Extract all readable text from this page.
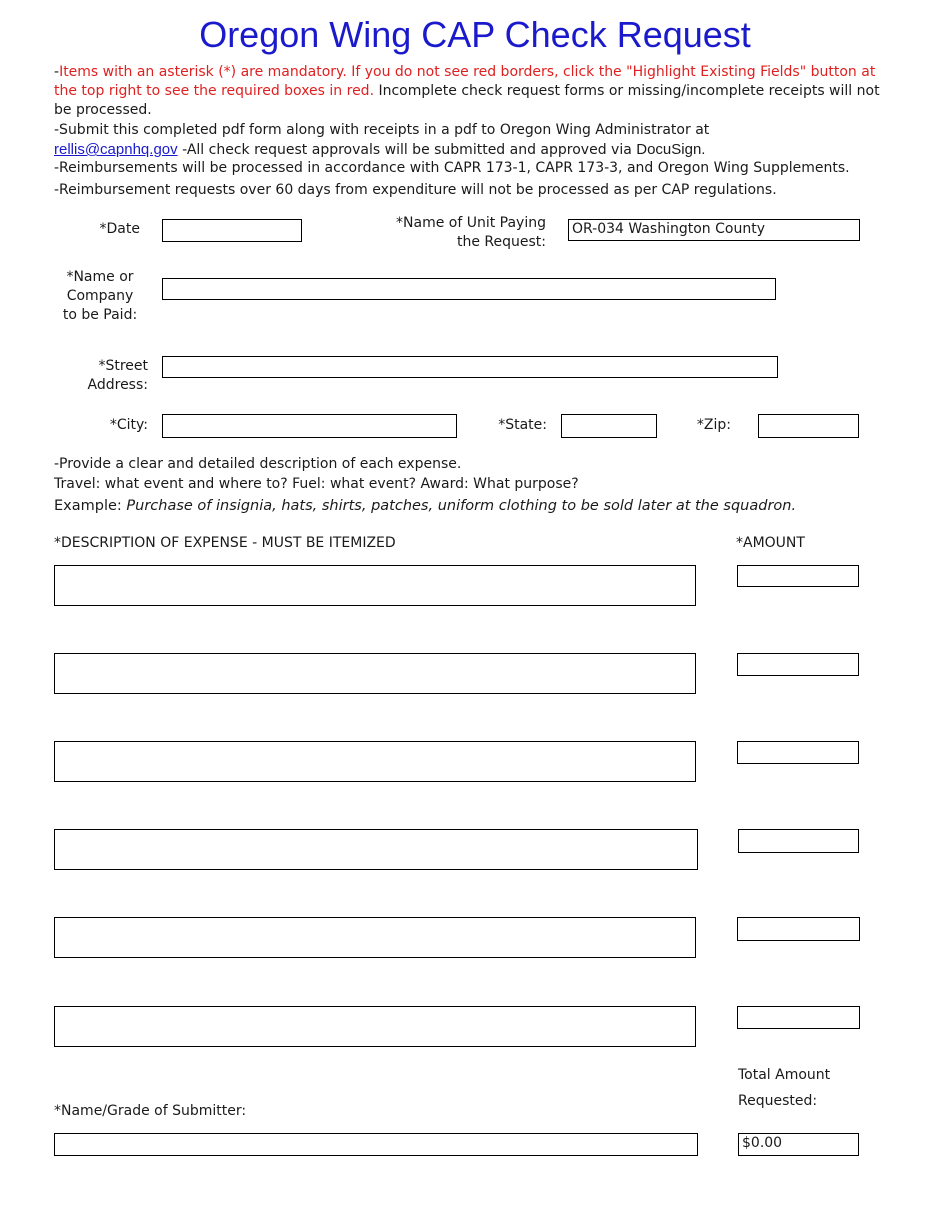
Oregon Wing CAP Check Request
-Items with an asterisk (*) are mandatory. If you do not see red borders, click the "Highlight Existing Fields" button at the top right to see the required boxes in red. Incomplete check request forms or missing/incomplete receipts will not be processed.
-Submit this completed pdf form along with receipts in a pdf to Oregon Wing Administrator at
rellis@capnhq.gov -All check request approvals will be submitted and approved via DocuSign.
-Reimbursements will be processed in accordance with CAPR 173-1, CAPR 173-3, and Oregon Wing Supplements.
-Reimbursement requests over 60 days from expenditure will not be processed as per CAP regulations.
*Date	*Name of Unit Paying
the Request:
OR-034 Washington County
*Name or
Company
to be Paid:
*Street
Address:
*City:	*State:	*Zip:
-Provide a clear and detailed description of each expense.
Travel: what event and where to? Fuel: what event? Award: What purpose?
Example: Purchase of insignia, hats, shirts, patches, uniform clothing to be sold later at the squadron.
*DESCRIPTION OF EXPENSE - MUST BE ITEMIZED	*AMOUNT
Total Amount
Requested:
$0.00
*Name/Grade of Submitter:
